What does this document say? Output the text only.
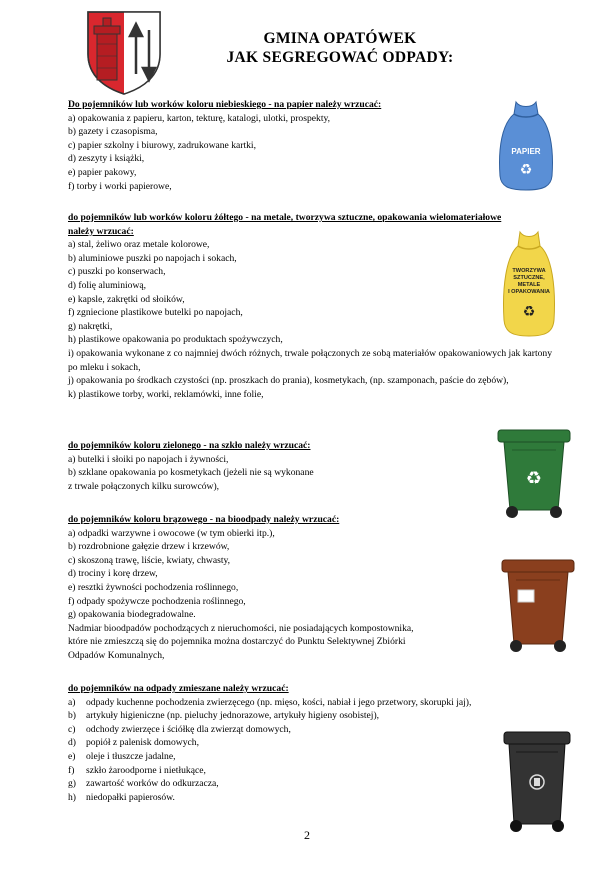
GMINA OPATÓWEK
JAK SEGREGOWAĆ ODPADY:
Do pojemników lub worków koloru niebieskiego - na papier należy wrzucać:
a) opakowania z papieru, karton, tekturę, katalogi, ulotki, prospekty,
b) gazety i czasopisma,
c) papier szkolny i biurowy, zadrukowane kartki,
d) zeszyty i książki,
e) papier pakowy,
f) torby i worki papierowe,
PAPIER
♻
do pojemników lub worków koloru żółtego - na metale, tworzywa sztuczne, opakowania wielomateriałowe
należy wrzucać:
a) stal, żeliwo oraz metale kolorowe,
b) aluminiowe puszki po napojach i sokach,
c) puszki po konserwach,
d) folię aluminiową,
e) kapsle, zakrętki od słoików,
f) zgniecione plastikowe butelki po napojach,
g) nakrętki,
h) plastikowe opakowania po produktach spożywczych,
i) opakowania wykonane z co najmniej dwóch różnych, trwale połączonych ze sobą materiałów opakowaniowych jak kartony po mleku i sokach,
j) opakowania po środkach czystości (np. proszkach do prania), kosmetykach, (np. szamponach, paście do zębów),
k) plastikowe torby, worki, reklamówki, inne folie,
TWORZYWA
SZTUCZNE,
METALE
I OPAKOWANIA
♻
do pojemników koloru zielonego - na szkło należy wrzucać:
a) butelki i słoiki po napojach i żywności,
b) szklane opakowania po kosmetykach (jeżeli nie są wykonane
z trwale połączonych kilku surowców),	♻
do pojemników koloru brązowego - na bioodpady należy wrzucać:
a) odpadki warzywne i owocowe (w tym obierki itp.),
b) rozdrobnione gałęzie drzew i krzewów,
c) skoszoną trawę, liście, kwiaty, chwasty,
d) trociny i korę drzew,
e) resztki żywności pochodzenia roślinnego,
f) odpady spożywcze pochodzenia roślinnego,
g) opakowania biodegradowalne.
Nadmiar bioodpadów pochodzących z nieruchomości, nie posiadających kompostownika,
które nie zmieszczą się do pojemnika można dostarczyć do Punktu Selektywnej Zbiórki
Odpadów Komunalnych,
do pojemników na odpady zmieszane należy wrzucać:
a) odpady kuchenne pochodzenia zwierzęcego (np. mięso, kości, nabiał i jego przetwory, skorupki jaj),
b) artykuły higieniczne (np. pieluchy jednorazowe, artykuły higieny osobistej),
c) odchody zwierzęce i ściółkę dla zwierząt domowych,
d) popiół z palenisk domowych,
e) oleje i tłuszcze jadalne,
f) szkło żaroodporne i nietłukące,
g) zawartość worków do odkurzacza,
h) niedopałki papierosów.
2
